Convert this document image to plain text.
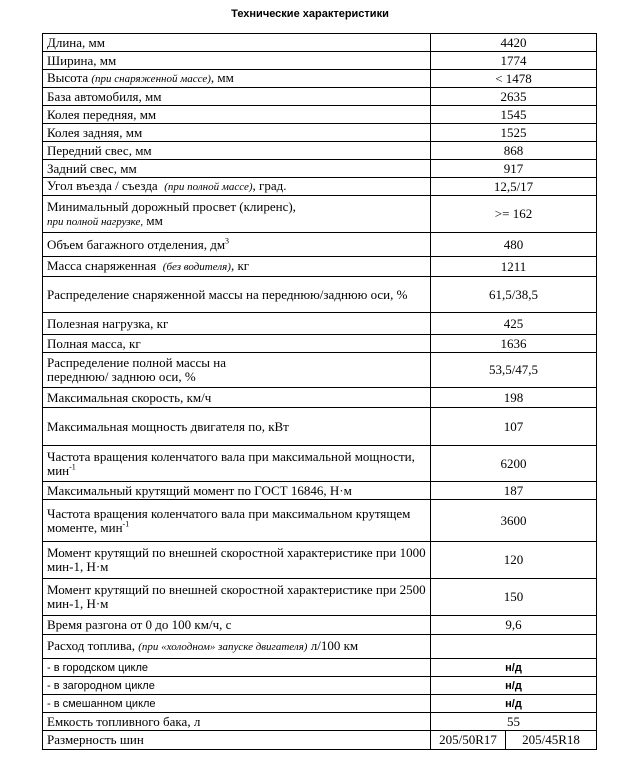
Технические характеристики
Длина, мм	4420	
Ширина, мм	1774	
Высота (при снаряженной массе), мм	< 1478	
База автомобиля, мм	2635	
Колея передняя, мм	1545	
Колея задняя, мм	1525	
Передний свес, мм	868	
Задний свес, мм	917	
Угол въезда / съезда (при полной массе), град.	12,5/17	
Минимальный дорожный просвет (клиренс),
при полной нагрузке, мм	>= 162	
Объем багажного отделения, $дм^3$	480	
Масса снаряженная (без водителя), кг	1211	
Распределение снаряженной массы на переднюю/заднюю оси, %	61,5/38,5	
Полезная нагрузка, кг	425	
Полная масса, кг	1636	
Распределение полной массы на
переднюю/ заднюю оси, %	53,5/47,5	
Максимальная скорость, км/ч	198	
Максимальная мощность двигателя по, кВт	107	
Частота вращения коленчатого вала при максимальной мощности, мин$^{-1}$	6200	
Максимальный крутящий момент по ГОСТ 16846, Н·м	187	
Частота вращения коленчатого вала при максимальном крутящем моменте, мин$^{-1}$	3600	
Момент крутящий по внешней скоростной характеристике при 1000 мин-1, Н·м	120	
Момент крутящий по внешней скоростной характеристике при 2500 мин-1, Н·м	150	
Время разгона от 0 до 100 км/ч, с	9,6	
Расход топлива, (при «холодном» запуске двигателя) л/100 км		
- в городском цикле	н/д	
- в загородном цикле	н/д	
- в смешанном цикле	н/д	
Емкость топливного бака, л	55	
Размерность шин	205/50R17	205/45R18
